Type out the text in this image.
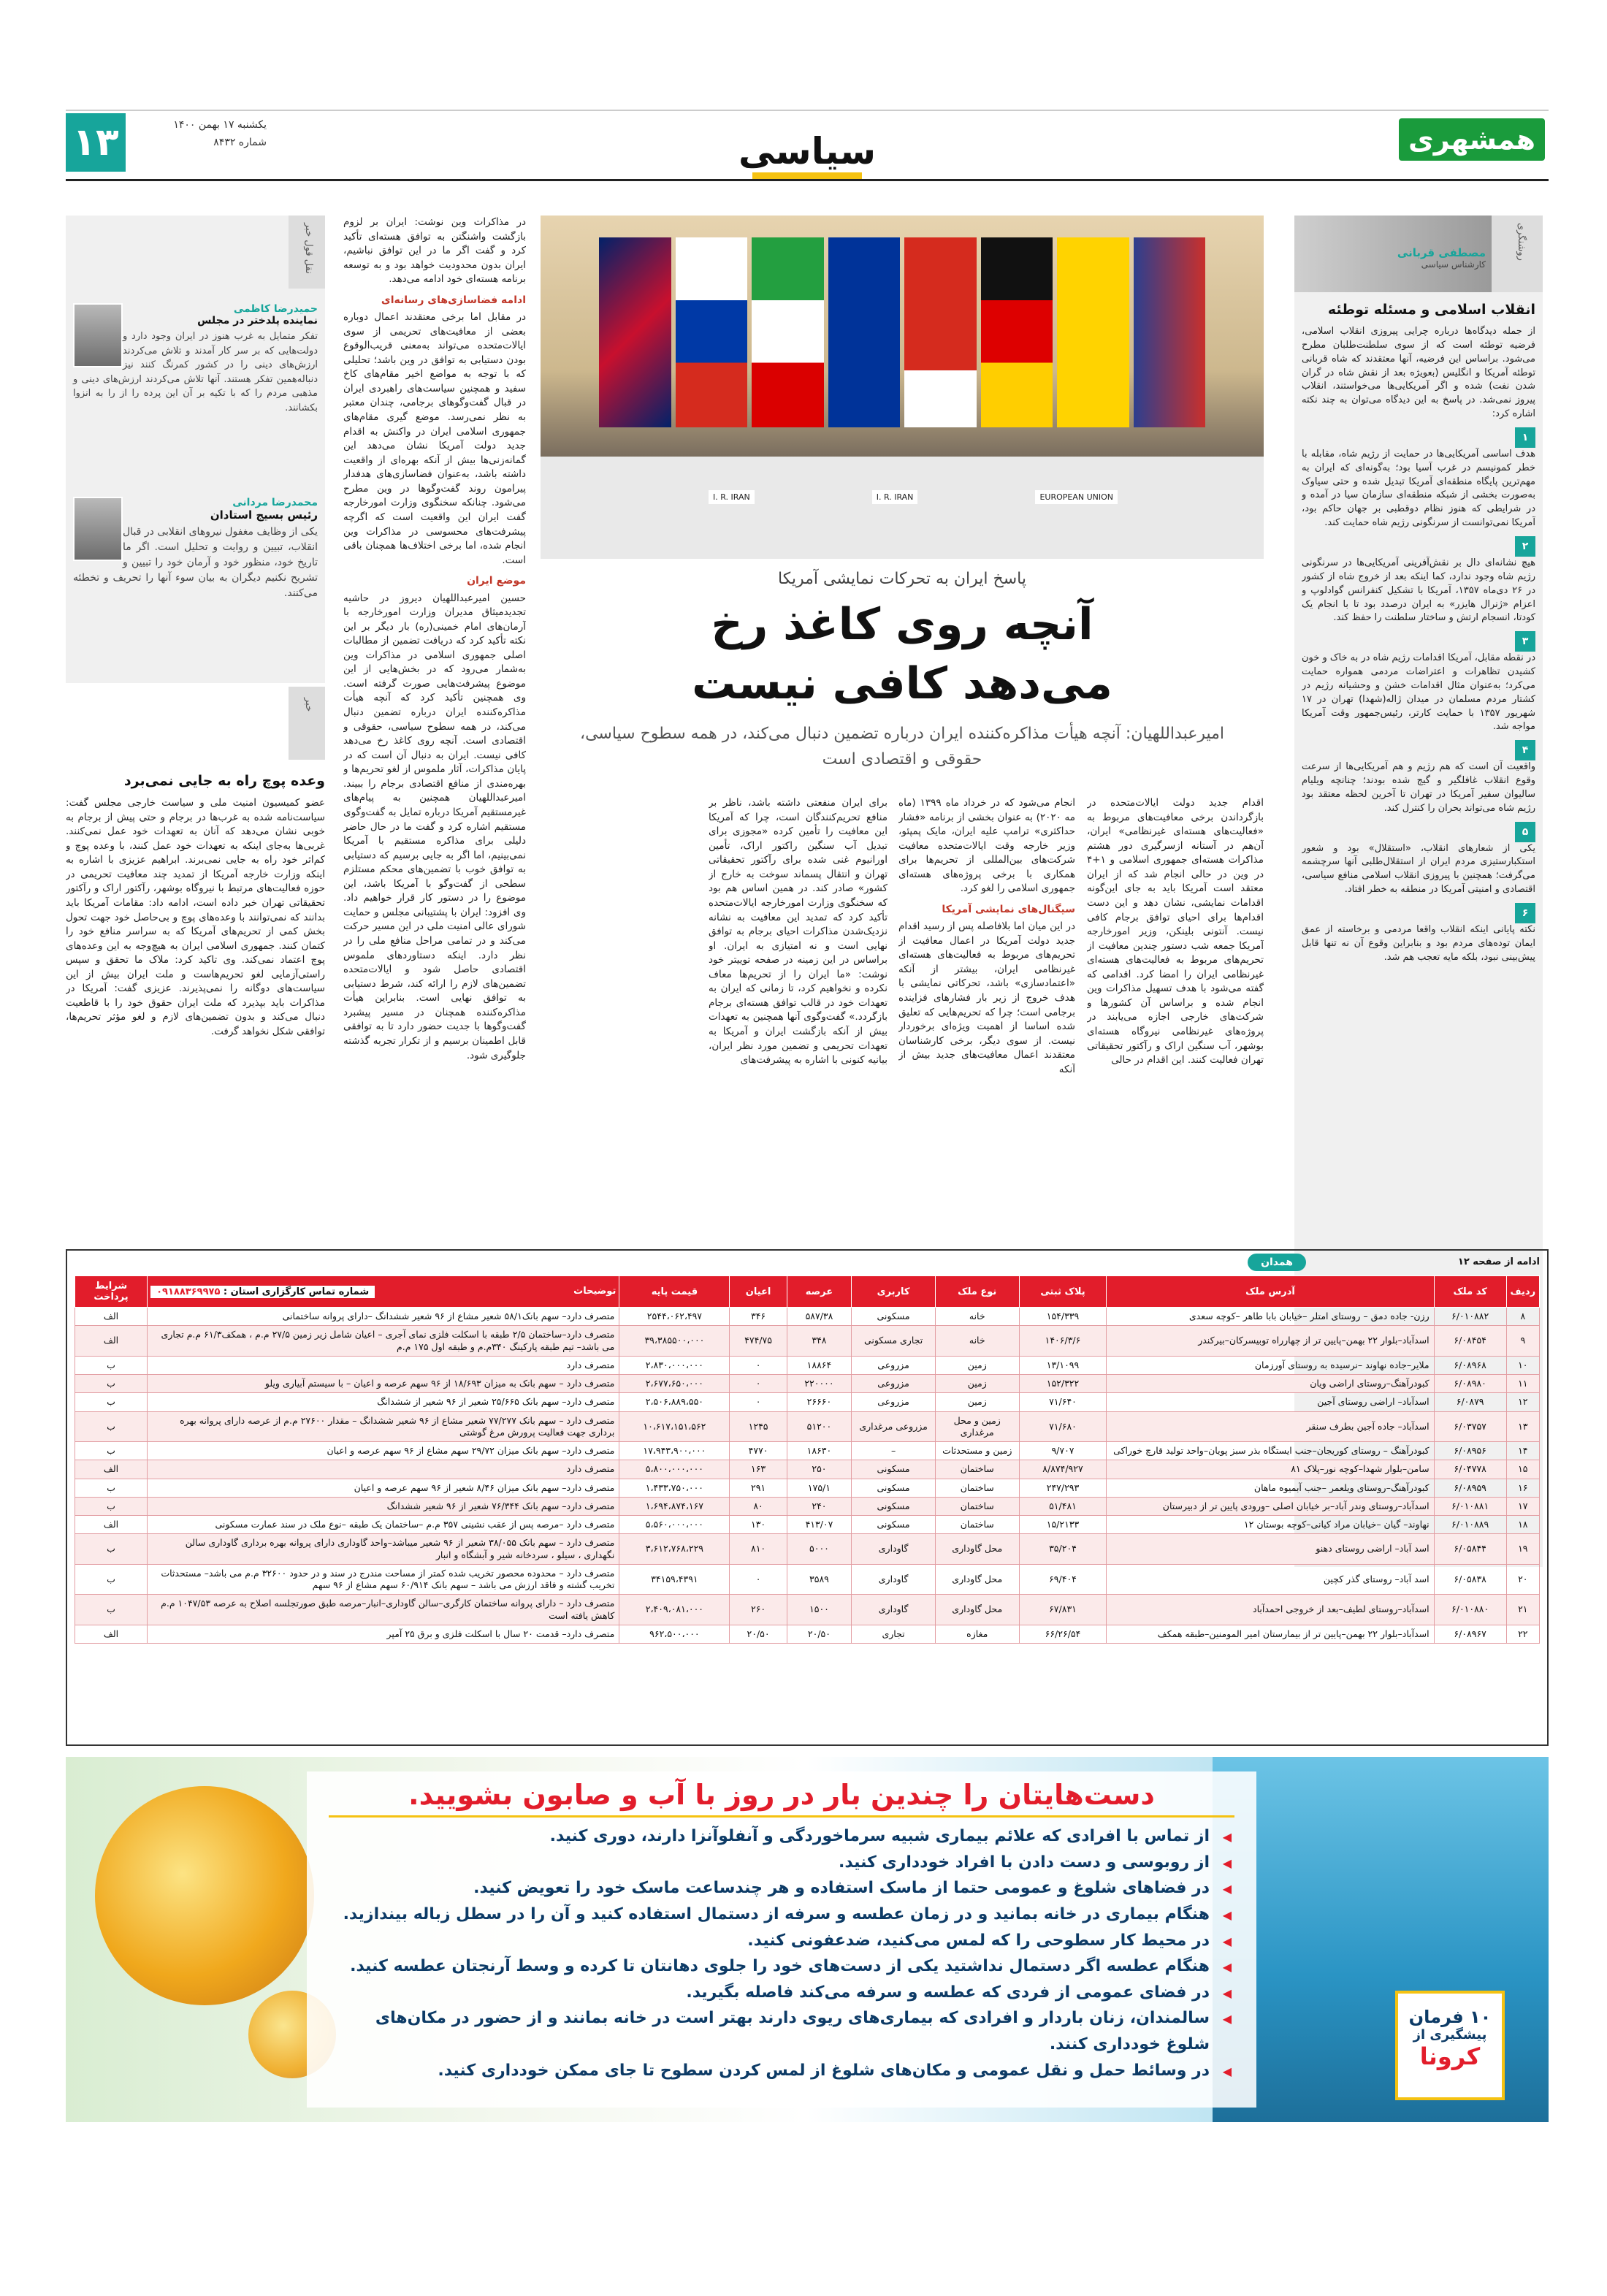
همشهری
سیاسی
۱۳	یکشنبه ۱۷ بهمن ۱۴۰۰
شماره ۸۴۳۲
روشنگری
مصطفی قربانی
کارشناس سیاسی
انقلاب اسلامی و مسئله توطئه
از جمله دیدگاه‌ها درباره چرایی پیروزی انقلاب اسلامی، فرضیه توطئه است که از سوی سلطنت‌طلبان مطرح می‌شود. براساس این فرضیه، آنها معتقدند که شاه قربانی توطئه آمریکا و انگلیس (بعویژه بعد از نقش شاه در گران شدن نفت) شده و اگر آمریکایی‌ها می‌خواستند، انقلاب پیروز نمی‌شد. در پاسخ به این دیدگاه می‌توان به چند نکته اشاره کرد:
۱
هدف اساسی آمریکایی‌ها در حمایت از رژیم شاه، مقابله با خطر کمونیسم در غرب آسیا بود؛ به‌گونه‌ای که ایران به مهم‌ترین پایگاه منطقه‌ای آمریکا تبدیل شده و حتی سیاوک به‌صورت بخشی از شبکه منطقه‌ای سازمان سیا در آمده و در شرایطی که هنوز نظام دوقطبی بر جهان حاکم بود، آمریکا نمی‌توانست از سرنگونی رژیم شاه حمایت کند.
۲
هیچ نشانه‌ای دال بر نقش‌آفرینی آمریکایی‌ها در سرنگونی رژیم شاه وجود ندارد، کما اینکه بعد از خروج شاه از کشور در ۲۶ دی‌ماه ۱۳۵۷، آمریکا با تشکیل کنفرانس گوادلوپ و اعزام «ژنرال هایزر» به ایران درصدد بود تا با انجام یک کودتا، انسجام ارتش و ساختار سلطنت را حفظ کند.
۳
در نقطه مقابل، آمریکا اقدامات رژیم شاه در به خاک و خون کشیدن تظاهرات و اعتراضات مردمی همواره حمایت می‌کرد؛ به‌عنوان مثال اقدامات خشن و وحشیانه رژیم در کشتار مردم مسلمان در میدان ژاله(شهدا) تهران در ۱۷ شهریور ۱۳۵۷ با حمایت کارتر، رئیس‌جمهور وقت آمریکا مواجه شد.
۴
واقعیت آن است که هم رژیم و هم آمریکایی‌ها از سرعت وقوع انقلاب غافلگیر و گیج شده بودند؛ چنانچه ویلیام سالیوان سفیر آمریکا در تهران تا آخرین لحظه معتقد بود رژیم شاه می‌تواند بحران را کنترل کند.
۵
یکی از شعارهای انقلاب، «استقلال» بود و شعور استکبارستیزی مردم ایران از استقلال‌طلبی آنها سرچشمه می‌گرفت؛ همچنین با پیروزی انقلاب اسلامی منافع سیاسی، اقتصادی و امنیتی آمریکا در منطقه به خطر افتاد.
۶
نکته پایانی اینکه انقلاب واقعا مردمی و برخاسته از عمق ایمان توده‌های مردم بود و بنابراین وقوع آن نه تنها قابل پیش‌بینی نبود، بلکه مایه تعجب هم شد.
EUROPEAN UNION
I. R. IRAN
I. R. IRAN
پاسخ ایران به تحرکات نمایشی آمریکا
آنچه روی کاغذ رخ می‌دهد کافی نیست
امیرعبداللهیان: آنچه هیأت مذاکره‌کننده ایران درباره تضمین دنبال می‌کند، در همه سطوح سیاسی، حقوقی و اقتصادی است
اقدام جدید دولت ایالات‌متحده در بازگرداندن برخی معافیت‌های مربوط به «فعالیت‌های هسته‌ای غیرنظامی» ایران، آن‌هم در آستانه ازسرگیری دور هشتم مذاکرات هسته‌ای جمهوری اسلامی و ۱+۴ در وین در حالی انجام شد که از ایران معتقد است آمریکا باید به جای این‌گونه اقدامات نمایشی، نشان دهد و این دست اقدام‌ها برای احیای توافق برجام کافی نیست. آنتونی بلینکن، وزیر امورخارجه آمریکا جمعه شب دستور چندین معافیت از تحریم‌های مربوط به فعالیت‌های هسته‌ای غیرنظامی ایران را امضا کرد. اقدامی که گفته می‌شود با هدف تسهیل مذاکرات وین انجام شده و براساس آن کشورها و شرکت‌های خارجی اجازه می‌یابند در پروژه‌های غیرنظامی نیروگاه هسته‌ای بوشهر، آب سنگین اراک و رآکتور تحقیقاتی تهران فعالیت کنند. این اقدام در حالی
انجام می‌شود که در خرداد ماه ۱۳۹۹ (ماه مه ۲۰۲۰) به عنوان بخشی از برنامه «فشار حداکثری» ترامپ علیه ایران، مایک پمپئو، وزیر خارجه وقت ایالات‌متحده معافیت شرکت‌های بین‌المللی از تحریم‌ها برای همکاری با برخی پروژه‌های هسته‌ای جمهوری اسلامی را لغو کرد.
سیگنال‌های نمایشی آمریکا
در این میان اما بلافاصله پس از رسید اقدام جدید دولت آمریکا در اعمال معافیت از تحریم‌های مربوط به فعالیت‌های هسته‌ای غیرنظامی ایران، بیشتر از آنکه «اعتماد‌سازی» باشد، تحرکاتی نمایشی با هدف خروج از زیر بار فشارهای فزاینده برجامی است؛ چرا که تحریم‌هایی که تعلیق شده اساسا از اهمیت ویژه‌ای برخوردار نیست. از سوی دیگر، برخی کارشناسان معتقدند اعمال معافیت‌های جدید بیش از آنکه
برای ایران منفعتی داشته باشد، ناظر بر منافع تحریم‌کنندگان است، چرا که آمریکا این معافیت را تأمین کرده «مجوزی برای تبدیل آب سنگین راکتور اراک، تأمین اورانیوم غنی شده برای رآکتور تحقیقاتی تهران و انتقال پسماند سوخت به خارج از کشور» صادر کند. در همین اساس هم بود که سخنگوی وزارت امورخارجه ایالات‌متحده تأکید کرد که تمدید این معافیت به نشانه نزدیک‌شدن مذاکرات احیای برجام به توافق نهایی است و نه امتیازی به ایران. او براساس در این زمینه در صفحه توییتر خود نوشت: «ما ایران را از تحریم‌ها معاف نکرده و نخواهیم کرد، تا زمانی که ایران به تعهدات خود در قالب توافق هسته‌ای برجام بازگردد.» گفت‌وگوی آنها همچنین به تعهدات بیش از آنکه بازگشت ایران و آمریکا به تعهدات تحریمی و تضمین مورد نظر ایران، بیانیه کنونی با اشاره به پیشرفت‌های
در مذاکرات وین نوشت: ایران بر لزوم بازگشت واشنگتن به توافق هسته‌ای تأکید کرد و گفت اگر ما در این توافق نباشیم، ایران بدون محدودیت خواهد بود و به توسعه برنامه هسته‌ای خود ادامه می‌دهد.
ادامه فضاسازی‌های رسانه‌ای
در مقابل اما برخی معتقدند اعمال دوباره بعضی از معافیت‌های تحریمی از سوی ایالات‌متحده می‌تواند به‌معنی قریب‌الوقوع بودن دستیابی به توافق در وین باشد؛ تحلیلی که با توجه به مواضع اخیر مقام‌های کاخ سفید و همچنین سیاست‌های راهبردی ایران در قبال گفت‌وگوهای برجامی، چندان معتبر به نظر نمی‌رسد. موضع گیری مقام‌های جمهوری اسلامی ایران در واکنش به اقدام جدید دولت آمریکا نشان می‌دهد این گمانه‌زنی‌ها بیش از آنکه بهره‌ای از واقعیت داشته باشد، به‌عنوان فضاسازی‌های هدفدار پیرامون روند گفت‌وگوها در وین مطرح می‌شود. چنانکه سخنگوی وزارت امورخارجه گفت ایران این واقعیت است که اگرچه پیشرفت‌های محسوسی در مذاکرات وین انجام شده، اما برخی اختلاف‌ها همچنان باقی است.
موضع ایران
حسین امیرعبداللهیان دیروز در حاشیه تجدیدمیثاق مدیران وزارت امورخارجه با آرمان‌های امام خمینی(ره) بار دیگر بر این نکته تأکید کرد که دریافت تضمین از مطالبات اصلی جمهوری اسلامی در مذاکرات وین به‌شمار می‌رود که در بخش‌هایی از این موضوع پیشرفت‌هایی صورت گرفته است. وی همچنین تأکید کرد که آنچه هیأت مذاکره‌کننده ایران درباره تضمین دنبال می‌کند، در همه سطوح سیاسی، حقوقی و اقتصادی است. آنچه روی کاغذ رخ می‌دهد کافی نیست. ایران به دنبال آن است که در پایان مذاکرات، آثار ملموس از لغو تحریم‌ها و بهره‌مندی از منافع اقتصادی برجام را ببیند. امیرعبداللهیان همچنین به پیام‌های غیرمستقیم آمریکا درباره تمایل به گفت‌وگوی مستقیم اشاره کرد و گفت ما در حال حاضر دلیلی برای مذاکره مستقیم با آمریکا نمی‌بینیم، اما اگر به جایی برسیم که دستیابی به توافق خوب با تضمین‌های محکم مستلزم سطحی از گفت‌وگو با آمریکا باشد، این موضوع را در دستور کار قرار خواهیم داد. وی افزود: ایران با پشتیبانی مجلس و حمایت شورای عالی امنیت ملی در این مسیر حرکت می‌کند و در تمامی مراحل منافع ملی را در نظر دارد. اینکه دستاوردهای ملموس اقتصادی حاصل شود و ایالات‌متحده تضمین‌های لازم را ارائه کند، شرط دستیابی به توافق نهایی است. بنابراین هیأت مذاکره‌کننده همچنان در مسیر پیشبرد گفت‌وگوها با جدیت حضور دارد تا به توافقی قابل اطمینان برسیم و از تکرار تجربه گذشته جلوگیری شود.
نقل قول خبر
حمیدرضا کاظمی
نماینده پلدختر در مجلس
تفکر متمایل به غرب هنوز در ایران وجود دارد و دولت‌هایی که بر سر کار آمدند و تلاش می‌کردند ارزش‌های دینی را در کشور کمرنگ کنند نیز دنباله‌همین تفکر هستند. آنها تلاش می‌کردند ارزش‌های دینی و مذهبی مردم را که با تکیه بر آن این پرده را از را به انزوا بکشانند.
محمدرضا مردانی
رئیس بسیج استادان
یکی از وظایف مغفول نیروهای انقلابی در قبال انقلاب، تبیین و روایت و تحلیل است. اگر ما تاریخ خود، منظور خود و آرمان خود را تبیین و تشریح نکنیم دیگران به بیان سوء آنها را تحریف و تخطئه می‌کنند.
خبر
وعده پوچ راه به جایی نمی‌برد
عضو کمیسیون امنیت ملی و سیاست خارجی مجلس گفت: سیاست‌نامه شده به غرب‌ها در برجام و حتی پیش از برجام به خوبی نشان می‌دهد که آنان به تعهدات خود عمل نمی‌کنند. غربی‌ها به‌جای اینکه به تعهدات خود عمل کنند، با وعده پوچ و کم‌اثر خود راه به جایی نمی‌برند. ابراهیم عزیزی با اشاره به اینکه وزارت خارجه آمریکا از تمدید چند معافیت تحریمی در حوزه فعالیت‌های مرتبط با نیروگاه بوشهر، رآکتور اراک و رآکتور تحقیقاتی تهران خبر داده است، ادامه داد: مقامات آمریکا باید بدانند که نمی‌توانند با وعده‌های پوچ و بی‌حاصل خود جهت تحول بخش کمی از تحریم‌های آمریکا که به سراسر منافع خود را کتمان کنند. جمهوری اسلامی ایران به هیچ‌وجه به این وعده‌های پوچ اعتماد نمی‌کند. وی تاکید کرد: ملاک ما تحقق و سپس راستی‌آزمایی لغو تحریم‌هاست و ملت ایران بیش از این سیاست‌های دوگانه را نمی‌پذیرند. عزیزی گفت: آمریکا در مذاکرات باید بپذیرد که ملت ایران حقوق خود را با قاطعیت دنبال می‌کند و بدون تضمین‌های لازم و لغو مؤثر تحریم‌ها، توافقی شکل نخواهد گرفت.
ادامه از صفحه ۱۲
همدان
ردیف	کد ملک	آدرس ملک	پلاک ثبتی	نوع ملک	کاربری	عرصه	اعیان	قیمت پایه	توضیحات
شماره تماس کارگزاری استان : ۰۹۱۸۸۳۶۹۹۷۵	شرایط پرداخت
۸	۶/۰۱۰۸۸۲	رزن- جاده دمق – روستای امتلر –خیابان بابا طاهر –کوچه سعدی	۱۵۴/۳۳۹	خانه	مسکونی	۵۸۷/۳۸	۳۴۶	۲۵۴۴،۰۶۲،۴۹۷	متصرف دارد– سهم بانک۵۸/۱ شعیر مشاع از ۹۶ شعیر ششدانگ –دارای پروانه ساختمانی	الف
۹	۶/۰۸۴۵۴	اسدآباد–بلوار ۲۲ بهمن–پایین تر از چهارراه توبیسرکان–بیرکندر	۱۴۰۶/۳/۶	خانه	تجاری مسکونی	۳۴۸	۴۷۴/۷۵	۳۹،۳۸۵۵۰۰،۰۰۰	متصرف دارد–ساختمان ۲/۵ طبقه با اسکلت فلزی نمای آجری – اعیان شامل زیر زمین ۲۷/۵ م.م ، همکف۶۱/۳ م.م تجاری می باشد– تیم طبقه پارکینگ ۳۴۰م.م و طبقه اول ۱۷۵ م.م	الف
۱۰	۶/۰۸۹۶۸	ملایر–جاده نهاوند –نرسیده به روستای آورزمان	۱۳/۱۰۹۹	زمین	مزروعی	۱۸۸۶۴	۰	۲،۸۳۰،۰۰۰،۰۰۰	متصرف دارد	ب
۱۱	۶/۰۸۹۸۰	کبودرآهنگ–روستای اراضی ویان	۱۵۲/۳۲۲	زمین	مزروعی	۲۲۰۰۰۰	۰	۲،۶۷۷،۶۵۰،۰۰۰	متصرف دارد – سهم بانک به میزان ۱۸/۶۹۳ از ۹۶ سهم عرصه و اعیان – با سیستم آبیاری ویلو	ب
۱۲	۶/۰۸۷۹	اسدآباد– اراضی روستای آجین	۷۱/۶۴۰	زمین	مزروعی	۲۶۶۶۰	۰	۲،۵۰۶،۸۸۹،۵۵۰	متصرف دارد– سهم بانک ۲۵/۶۶۵ شعیر از ۹۶ شعیر از ششدانگ	ب
۱۳	۶/۰۳۷۵۷	اسدآباد– جاده آجین بطرف سنقر	۷۱/۶۸۰	زمین و محل مرغداری	مزروعی مرغداری	۵۱۲۰۰	۱۲۴۵	۱۰،۶۱۷،۱۵۱،۵۶۲	متصرف دارد – سهم بانک ۷۷/۲۷۷ شعیر مشاع از ۹۶ شعیر ششدانگ – مقدار ۲۷۶۰۰ م.م از عرصه دارای پروانه بهره برداری جهت فعالیت پرورش مرغ گوشتی	ب
۱۴	۶/۰۸۹۵۶	کبودرآهنگ – روستای کوریجان–جنب ایستگاه بذر سبز پویان–واحد تولید قارچ خوراکی	۹/۷۰۷	زمین و مستحدثات	–	۱۸۶۳۰	۴۷۷۰	۱۷،۹۴۳،۹۰۰،۰۰۰	متصرف دارد– سهم بانک میزان ۲۹/۷۲ سهم مشاع از ۹۶ سهم عرصه و اعیان	ب
۱۵	۶/۰۴۷۷۸	سامن–بلوار شهدا–کوچه نور–پلاک ۸۱	۸/۸۷۴/۹۲۷	ساختمان	مسکونی	۲۵۰	۱۶۳	۵،۸۰۰،۰۰۰،۰۰۰	متصرف دارد	الف
۱۶	۶/۰۸۹۵۹	کبودرآهنگ–روستای ویلعمر –جنب آبمیوه ماهان	۲۴۷/۲۹۳	ساختمان	مسکونی	۱۷۵/۱	۲۹۱	۱،۴۳۳،۷۵۰،۰۰۰	متصرف دارد– سهم بانک میزان ۸/۴۶ شعیر از ۹۶ سهم عرصه و اعیان	ب
۱۷	۶/۰۱۰۸۸۱	اسدآباد–روستای وندر آباد–بر خیابان اصلی –ورودی پایین تر از دبیرستان	۵۱/۴۸۱	ساختمان	مسکونی	۲۴۰	۸۰	۱،۶۹۴،۸۷۴،۱۶۷	متصرف دارد– سهم بانک ۷۶/۳۴۴ شعیر از ۹۶ شعیر ششدانگ	ب
۱۸	۶/۰۱۰۸۸۹	نهاوند– گیان –خیابان مراد کیانی–کوچه بوستان ۱۲	۱۵/۲۱۳۳	ساختمان	مسکونی	۴۱۳/۰۷	۱۳۰	۵،۵۶۰،۰۰۰،۰۰۰	متصرف دارد –مرصه پس از عقب نشینی ۳۵۷ م.م –ساختمان یک طبقه –نوع ملک در سند عمارت مسکونی	الف
۱۹	۶/۰۵۸۴۴	اسد آباد– اراضی روستای دهنو	۳۵/۲۰۴	محل گاوداری	گاوداری	۵۰۰۰	۸۱۰	۳،۶۱۲،۷۶۸،۲۲۹	متصرف دارد – سهم بانک ۳۸/۰۵۵ شعیر از ۹۶ شعیر میباشد–واحد گاوداری دارای پروانه بهره برداری گاوداری سالن نگهداری ، سیلو ، سردخانه شیر و آبشگاه و انبار	ب
۲۰	۶/۰۵۸۳۸	اسد آباد– روستای گذر کچین	۶۹/۴۰۴	محل گاوداری	گاوداری	۳۵۸۹	۰	۳۴۱۵۹،۴۳۹۱	متصرف دارد – محدوده محصور تخریب شده کمتر از مساحت مندرج در سند و در حدود ۳۲۶۰۰ م.م می باشد– مستحدثات تخریب گشته و فاقد ارزش می باشد – سهم بانک ۶۰/۹۱۴ سهم مشاع از ۹۶ سهم	ب
۲۱	۶/۰۱۰۸۸۰	اسدآباد–روستای لطیف–بعد از خروجی احمدآباد	۶۷/۸۳۱	محل گاوداری	گاوداری	۱۵۰۰	۲۶۰	۲،۴۰۹،۰۸۱،۰۰۰	متصرف دارد – دارای پروانه ساختمان کارگری–سالن گاوداری–انبار–مرصه طبق صورتجلسه اصلاح به عرصه ۱۰۴۷/۵۳ م.م کاهش یافته است	ب
۲۲	۶/۰۸۹۶۷	اسدآباد–بلوار ۲۲ بهمن–پایین تر از بیمارستان امیر المومنین–طبقه همکف	۶۶/۲۶/۵۴	مغازه	تجاری	۲۰/۵۰	۲۰/۵۰	۹۶۲،۵۰۰،۰۰۰	متصرف دارد– قدمت ۲۰ سال با اسکلت فلزی و برق ۲۵ آمپر	الف
دست‌هایتان را چندین بار در روز با آب و صابون بشویید.
◀ از تماس با افرادی که علائم بیماری شبیه سرماخوردگی و آنفلوآنزا دارند، دوری کنید.
◀ از روبوسی و دست دادن با افراد خودداری کنید.
◀ در فضاهای شلوغ و عمومی حتما از ماسک استفاده و هر چندساعت ماسک خود را تعویض کنید.
◀ هنگام بیماری در خانه بمانید و در زمان عطسه و سرفه از دستمال استفاده کنید و آن را در سطل زباله بیندازید.
◀ در محیط کار سطوحی را که لمس می‌کنید، ضدعفونی کنید.
◀ هنگام عطسه اگر دستمال نداشتید یکی از دست‌های خود را جلوی دهانتان تا کرده و وسط آرنجتان عطسه کنید.
◀ در فضای عمومی از فردی که عطسه و سرفه می‌کند فاصله بگیرید.
◀ سالمندان، زنان باردار و افرادی که بیماری‌های ریوی دارند بهتر است در خانه بمانند و از حضور در مکان‌های شلوغ خودداری کنند.
◀ در وسائط حمل و نقل عمومی و مکان‌های شلوغ از لمس کردن سطوح تا جای ممکن خودداری کنید.
۱۰ فرمان
پیشگیری از
کرونا
